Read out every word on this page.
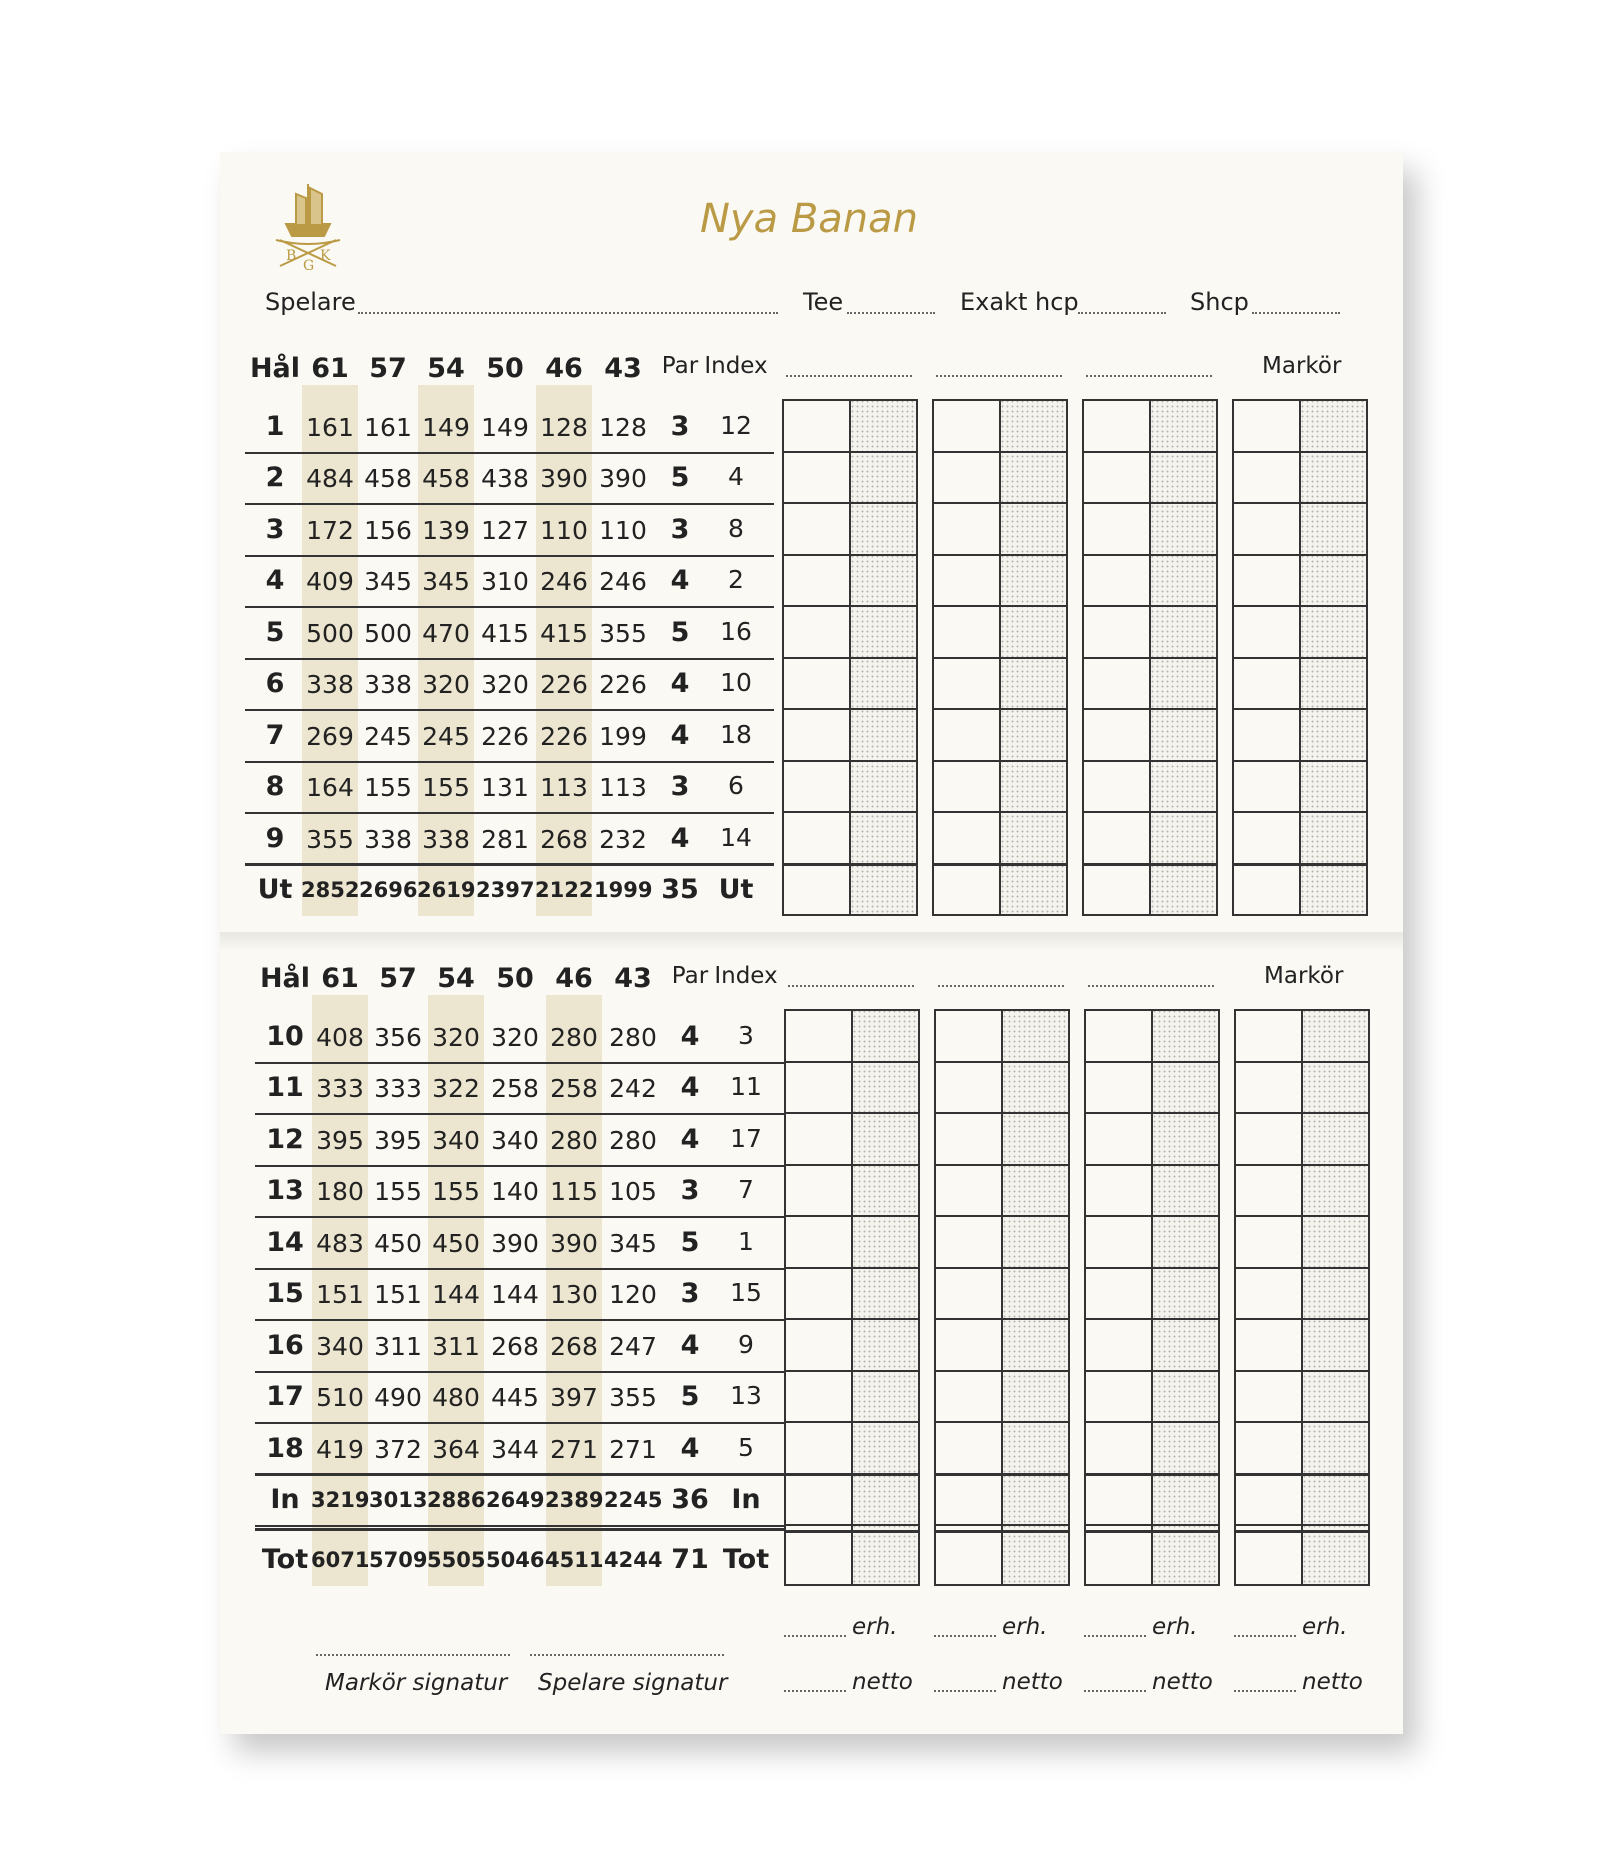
B
G
K
Nya Banan
Spelare	Tee	Exakt hcp	Shcp
Hål 61 57 54 50 46 43 Par Index
1 161 161 149 149 128 128 3	12
2 484 458 458 438 390 390 5	4
3 172 156 139 127 110 110 3	8
4 409 345 345 310 246 246 4	2
5 500 500 470 415 415 355 5	16
6 338 338 320 320 226 226 4	10
7 269 245 245 226 226 199 4	18
8 164 155 155 131 113 113 3	6
9 355 338 338 281 268 232 4	14
Ut 2852 2696 2619 2397 2122 1999 35 Ut
Markör
Hål 61 57 54 50 46 43 Par Index
10 408 356 320 320 280 280 4	3
11 333 333 322 258 258 242 4	11
12 395 395 340 340 280 280 4	17
13 180 155 155 140 115 105 3	7
14 483 450 450 390 390 345 5	1
15 151 151 144 144 130 120 3	15
16 340 311 311 268 268 247 4	9
17 510 490 480 445 397 355 5	13
18 419 372 364 344 271 271 4	5
In 3219 3013 2886 2649 2389 2245 36 In
Tot 6071 5709 5505 5046 4511 4244 71 Tot
Markör
Markör signatur Spelare signatur
erh.
netto
erh.
netto
erh.
netto
erh.
netto
